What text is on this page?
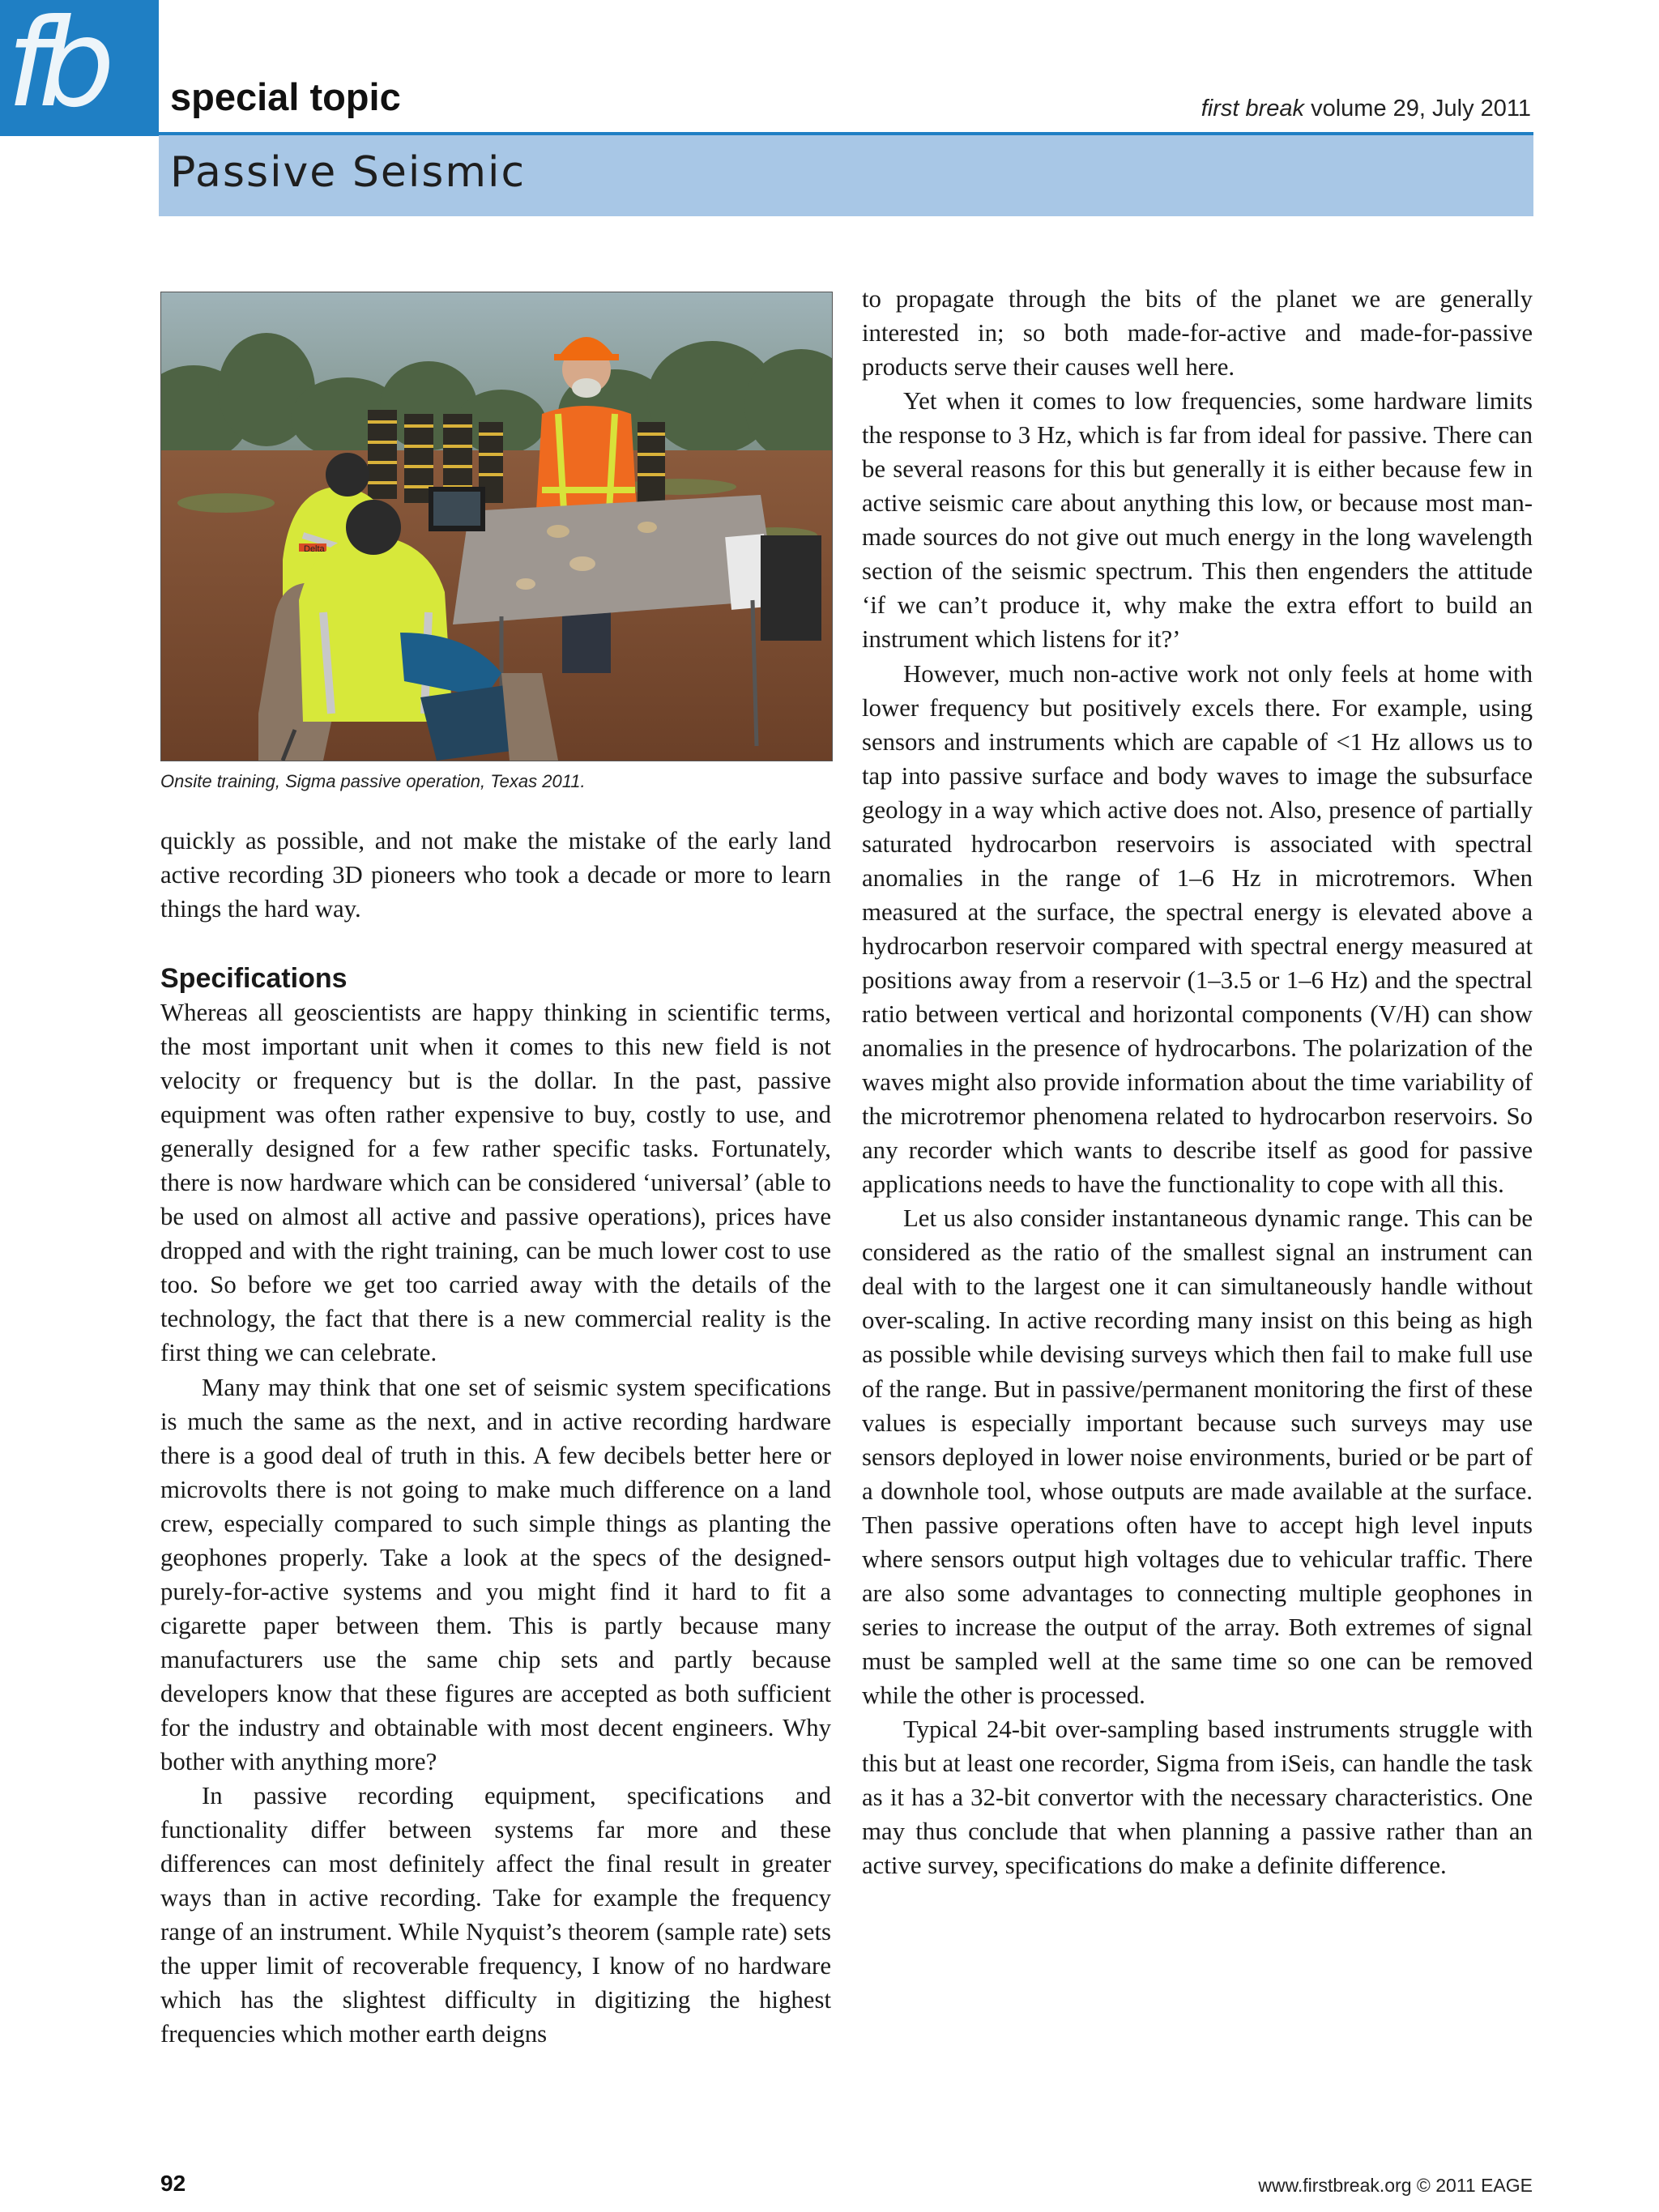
fb	special topic	first break volume 29, July 2011
Passive Seismic
Delta
Onsite training, Sigma passive operation, Texas 2011.

quickly as possible, and not make the mistake of the early land active recording 3D pioneers who took a decade or more to learn things the hard way.

Specifications

Whereas all geoscientists are happy thinking in scientific terms, the most important unit when it comes to this new field is not velocity or frequency but is the dollar. In the past, passive equipment was often rather expensive to buy, costly to use, and generally designed for a few rather specific tasks. Fortunately, there is now hardware which can be considered ‘universal’ (able to be used on almost all active and passive operations), prices have dropped and with the right training, can be much lower cost to use too. So before we get too carried away with the details of the technology, the fact that there is a new commercial reality is the first thing we can celebrate.

Many may think that one set of seismic system specifications is much the same as the next, and in active recording hardware there is a good deal of truth in this. A few decibels better here or microvolts there is not going to make much difference on a land crew, especially compared to such simple things as planting the geophones properly. Take a look at the specs of the designed-purely-for-active systems and you might find it hard to fit a cigarette paper between them. This is partly because many manufacturers use the same chip sets and partly because developers know that these figures are accepted as both sufficient for the industry and obtainable with most decent engineers. Why bother with anything more?

In passive recording equipment, specifications and functionality differ between systems far more and these differences can most definitely affect the final result in greater ways than in active recording. Take for example the frequency range of an instrument. While Nyquist’s theorem (sample rate) sets the upper limit of recoverable frequency, I know of no hardware which has the slightest difficulty in digitizing the highest frequencies which mother earth deigns

to propagate through the bits of the planet we are generally interested in; so both made-for-active and made-for-passive products serve their causes well here.

Yet when it comes to low frequencies, some hardware limits the response to 3 Hz, which is far from ideal for passive. There can be several reasons for this but generally it is either because few in active seismic care about anything this low, or because most man-made sources do not give out much energy in the long wavelength section of the seismic spectrum. This then engenders the attitude ‘if we can’t produce it, why make the extra effort to build an instrument which listens for it?’

However, much non-active work not only feels at home with lower frequency but positively excels there. For example, using sensors and instruments which are capable of <1 Hz allows us to tap into passive surface and body waves to image the subsurface geology in a way which active does not. Also, presence of partially saturated hydrocarbon reservoirs is associated with spectral anomalies in the range of 1–6 Hz in microtremors. When measured at the surface, the spectral energy is elevated above a hydrocarbon reservoir compared with spectral energy measured at positions away from a reservoir (1–3.5 or 1–6 Hz) and the spectral ratio between vertical and horizontal components (V/H) can show anomalies in the presence of hydrocarbons. The polarization of the waves might also provide information about the time variability of the microtremor phenomena related to hydrocarbon reservoirs. So any recorder which wants to describe itself as good for passive applications needs to have the functionality to cope with all this.

Let us also consider instantaneous dynamic range. This can be considered as the ratio of the smallest signal an instrument can deal with to the largest one it can simultaneously handle without over-scaling. In active recording many insist on this being as high as possible while devising surveys which then fail to make full use of the range. But in passive/permanent monitoring the first of these values is especially important because such surveys may use sensors deployed in lower noise environments, buried or be part of a downhole tool, whose outputs are made available at the surface. Then passive operations often have to accept high level inputs where sensors output high voltages due to vehicular traffic. There are also some advantages to connecting multiple geophones in series to increase the output of the array. Both extremes of signal must be sampled well at the same time so one can be removed while the other is processed.

Typical 24-bit over-sampling based instruments struggle with this but at least one recorder, Sigma from iSeis, can handle the task as it has a 32-bit convertor with the necessary characteristics. One may thus conclude that when planning a passive rather than an active survey, specifications do make a definite difference.

92	www.firstbreak.org © 2011 EAGE
